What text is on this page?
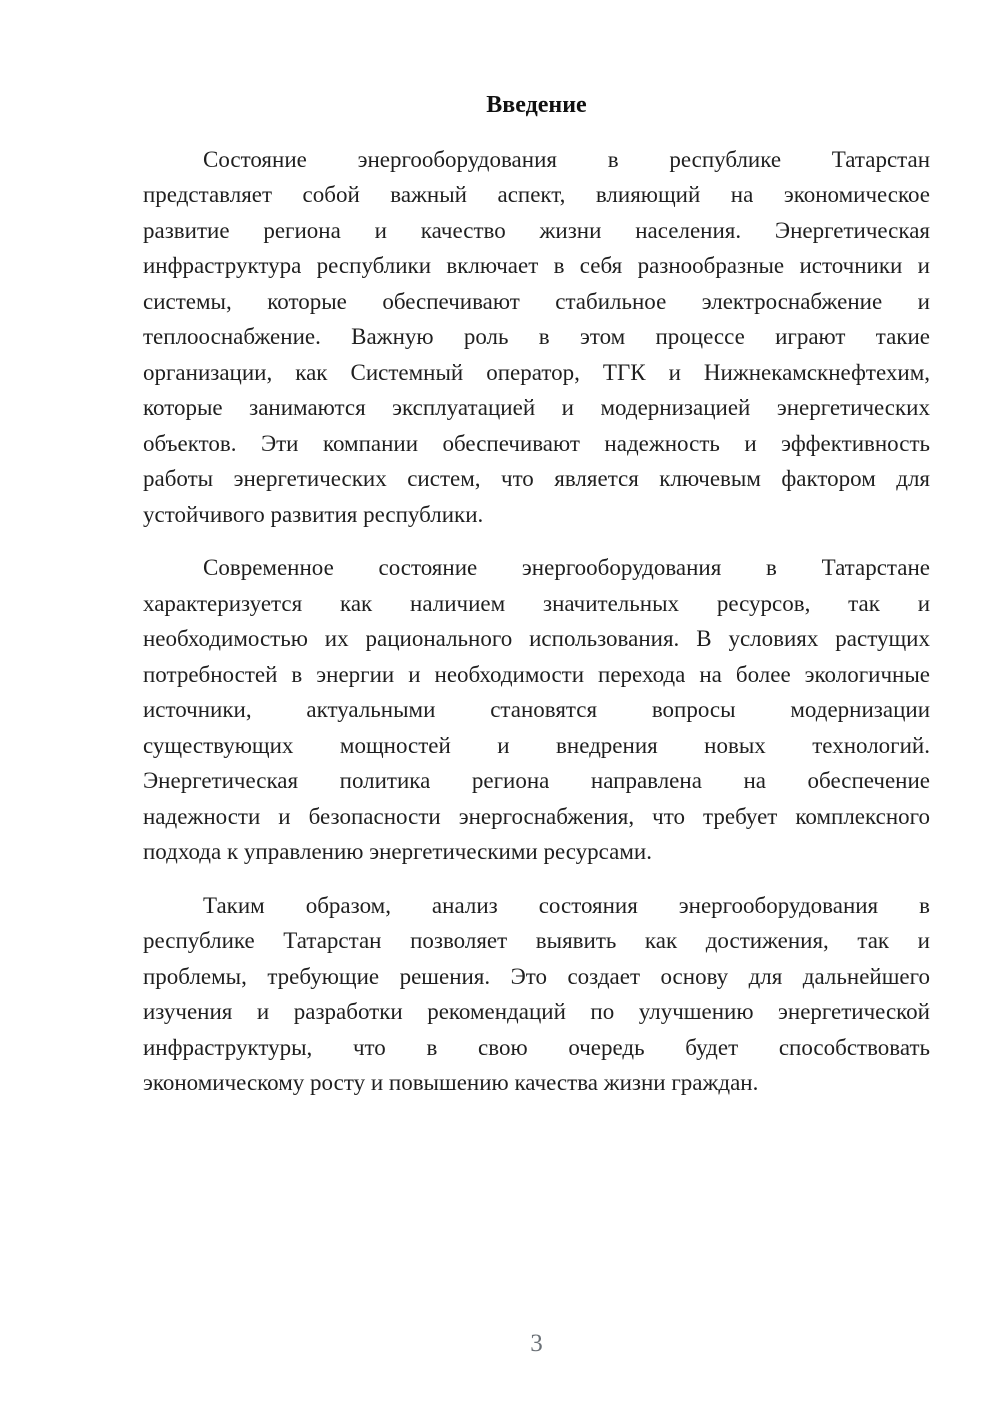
Введение
Состояние энергооборудования в республике Татарстан
представляет собой важный аспект, влияющий на экономическое
развитие региона и качество жизни населения. Энергетическая
инфраструктура республики включает в себя разнообразные источники и
системы, которые обеспечивают стабильное электроснабжение и
теплооснабжение. Важную роль в этом процессе играют такие
организации, как Системный оператор, ТГК и Нижнекамскнефтехим,
которые занимаются эксплуатацией и модернизацией энергетических
объектов. Эти компании обеспечивают надежность и эффективность
работы энергетических систем, что является ключевым фактором для
устойчивого развития республики.
Современное состояние энергооборудования в Татарстане
характеризуется как наличием значительных ресурсов, так и
необходимостью их рационального использования. В условиях растущих
потребностей в энергии и необходимости перехода на более экологичные
источники, актуальными становятся вопросы модернизации
существующих мощностей и внедрения новых технологий.
Энергетическая политика региона направлена на обеспечение
надежности и безопасности энергоснабжения, что требует комплексного
подхода к управлению энергетическими ресурсами.
Таким образом, анализ состояния энергооборудования в
республике Татарстан позволяет выявить как достижения, так и
проблемы, требующие решения. Это создает основу для дальнейшего
изучения и разработки рекомендаций по улучшению энергетической
инфраструктуры, что в свою очередь будет способствовать
экономическому росту и повышению качества жизни граждан.
3
